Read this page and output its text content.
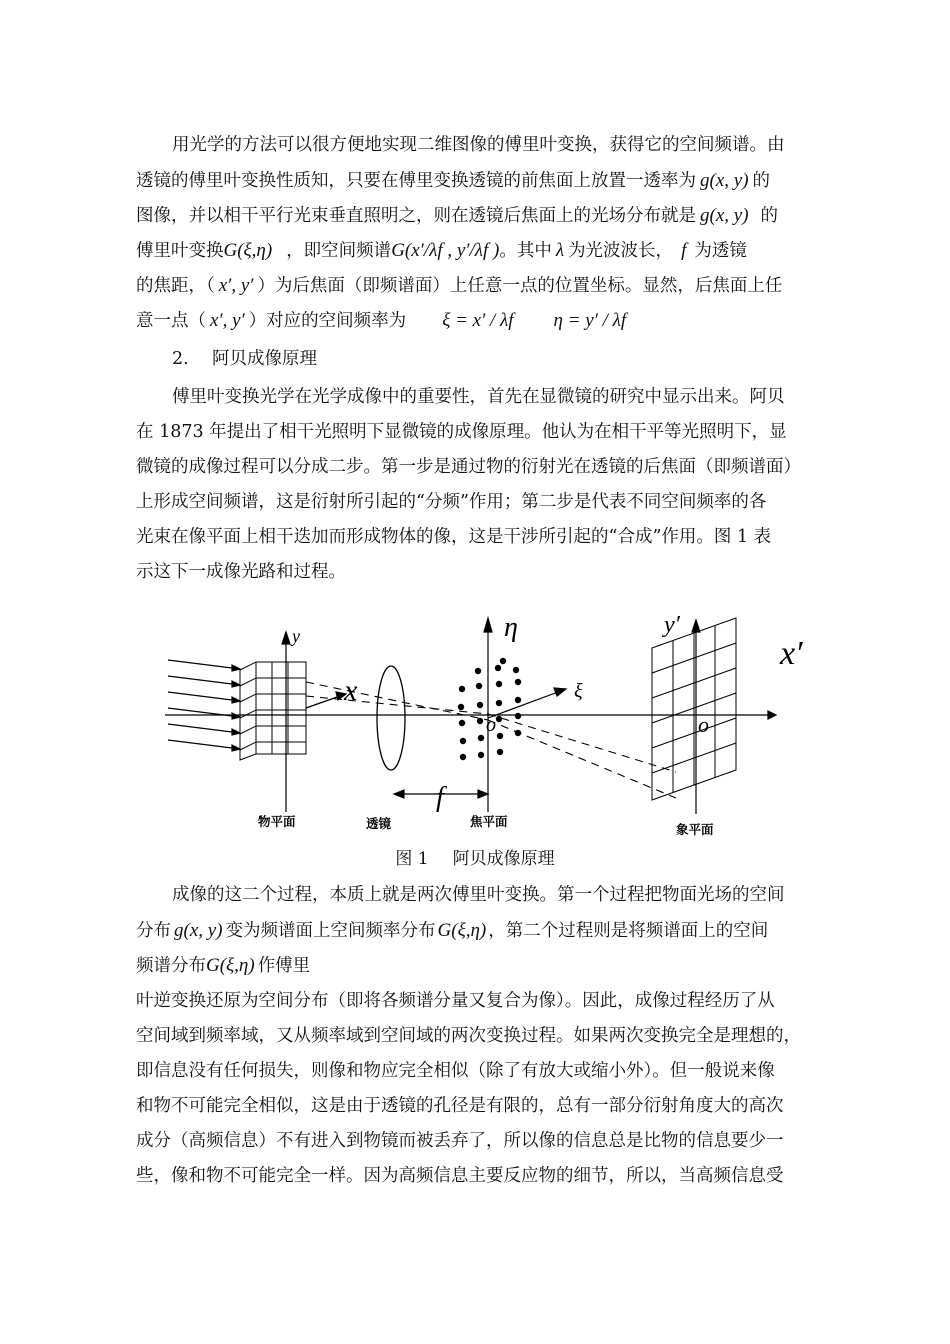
用光学的方法可以很方便地实现二维图像的傅里叶变换，获得它的空间频谱。由
透镜的傅里叶变换性质知，只要在傅里变换透镜的前焦面上放置一透率为 g(x, y) 的
图像，并以相干平行光束垂直照明之，则在透镜后焦面上的光场分布就是 g(x, y) 的
傅里叶变换G(ξ,η) ，即空间频谱G(x′/λf , y′/λf )。其中 λ 为光波波长， f 为透镜
的焦距，（ x′, y′ ）为后焦面（即频谱面）上任意一点的位置坐标。显然，后焦面上任
意一点（ x′, y′ ）对应的空间频率为 ξ = x′ / λf η = y′ / λf
2. 阿贝成像原理
傅里叶变换光学在光学成像中的重要性，首先在显微镜的研究中显示出来。阿贝
在 1873 年提出了相干光照明下显微镜的成像原理。他认为在相干平等光照明下，显
微镜的成像过程可以分成二步。第一步是通过物的衍射光在透镜的后焦面（即频谱面）
上形成空间频谱，这是衍射所引起的“分频”作用；第二步是代表不同空间频率的各
光束在像平面上相干迭加而形成物体的像，这是干涉所引起的“合成”作用。图 1 表
示这下一成像光路和过程。
y
x
η
ξ
o
f
y′
x′
o
物平面	透镜	焦平面
象平面
图 1 阿贝成像原理
成像的这二个过程，本质上就是两次傅里叶变换。第一个过程把物面光场的空间
分布 g(x, y) 变为频谱面上空间频率分布 G(ξ,η) ，第二个过程则是将频谱面上的空间
频谱分布G(ξ,η) 作傅里
叶逆变换还原为空间分布（即将各频谱分量又复合为像）。因此，成像过程经历了从
空间域到频率域，又从频率域到空间域的两次变换过程。如果两次变换完全是理想的，
即信息没有任何损失，则像和物应完全相似（除了有放大或缩小外）。但一般说来像
和物不可能完全相似，这是由于透镜的孔径是有限的，总有一部分衍射角度大的高次
成分（高频信息）不有进入到物镜而被丢弃了，所以像的信息总是比物的信息要少一
些，像和物不可能完全一样。因为高频信息主要反应物的细节，所以，当高频信息受
